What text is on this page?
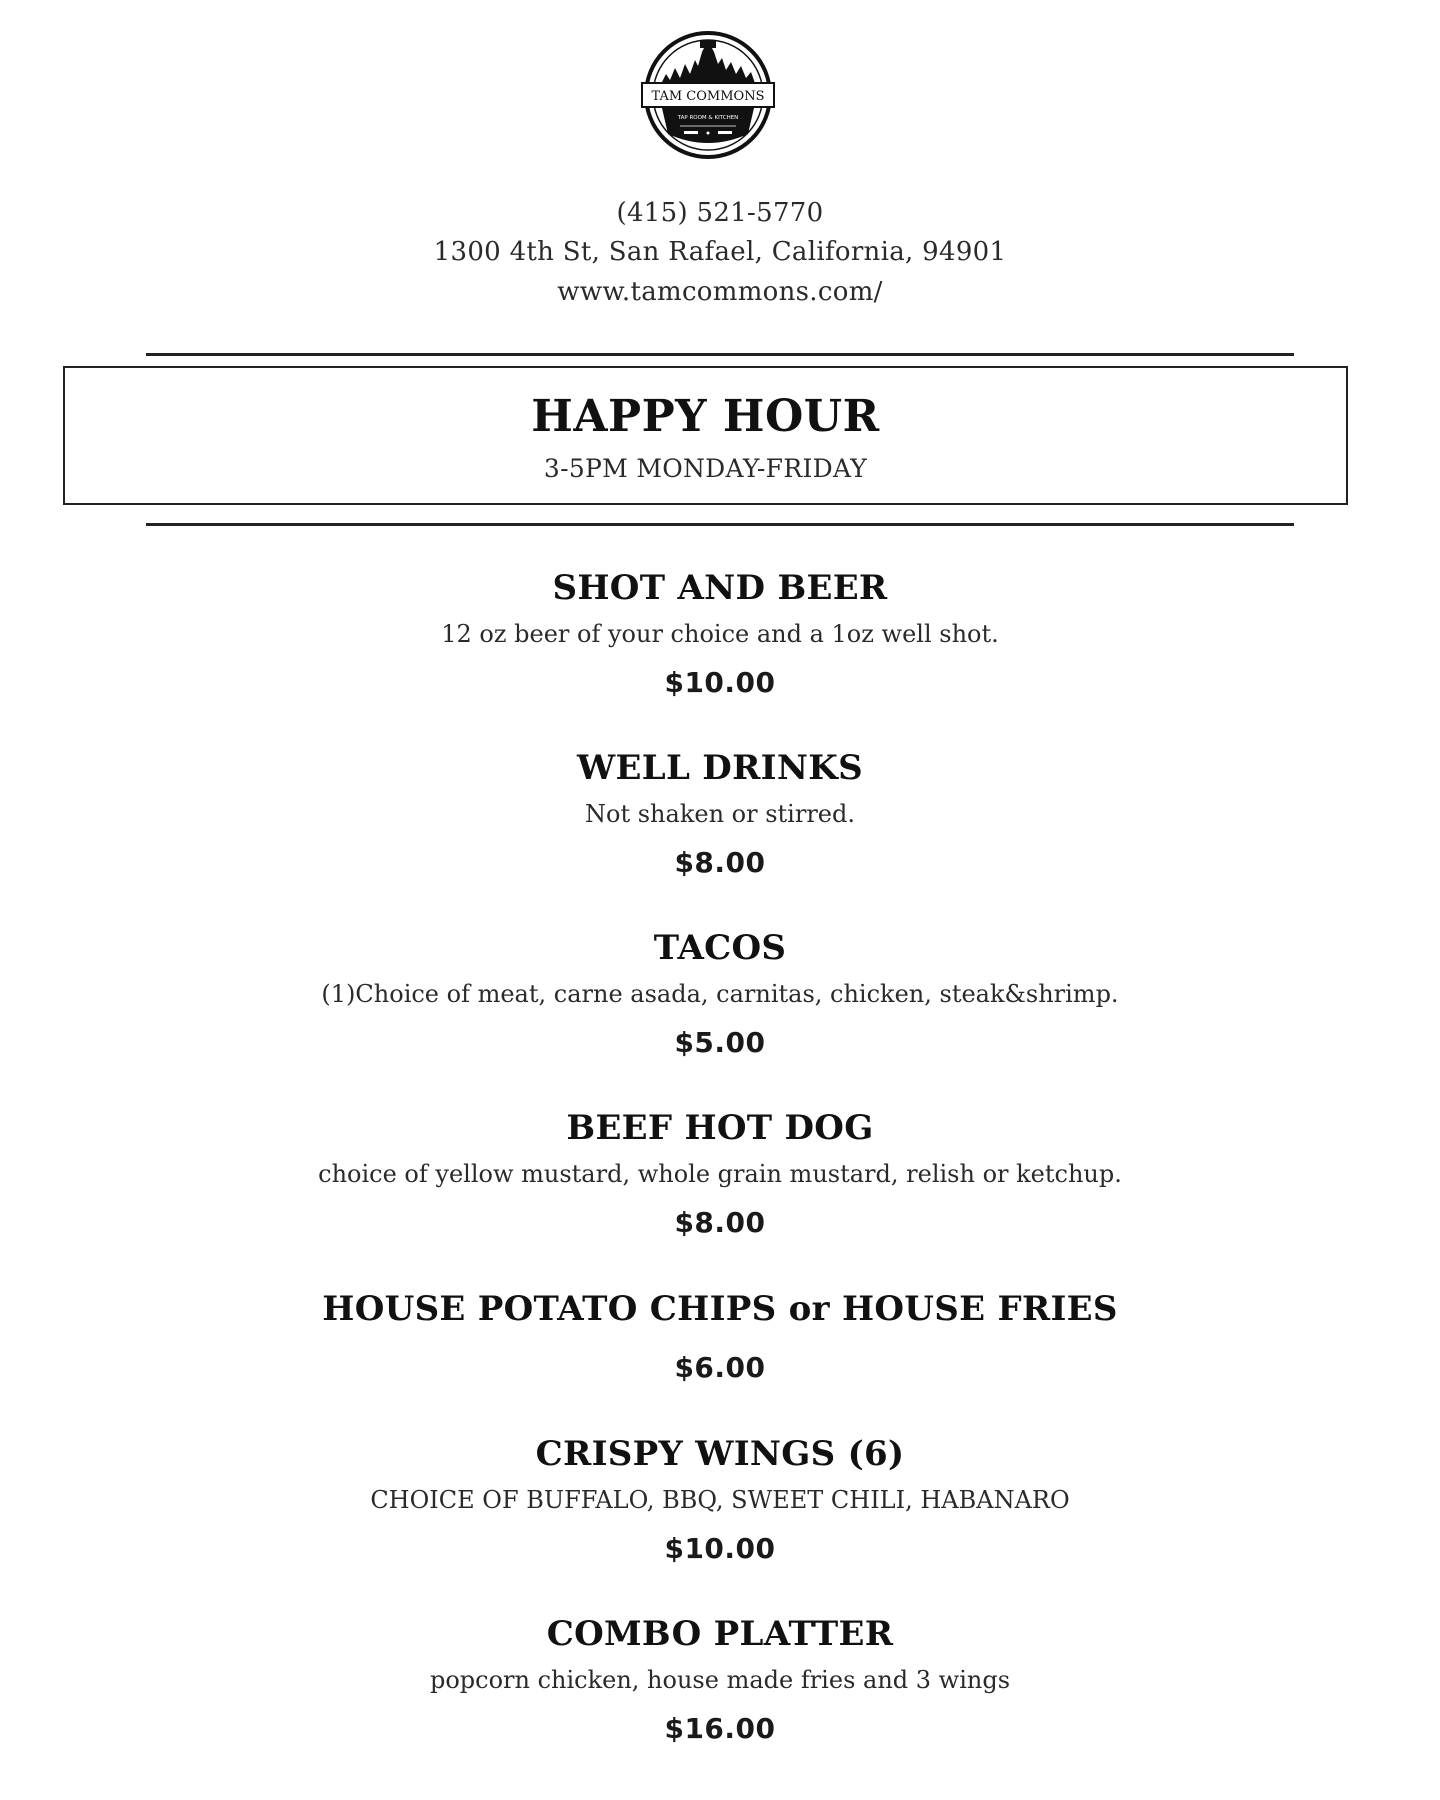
TAM COMMONS
TAP ROOM & KITCHEN
(415) 521-5770
1300 4th St, San Rafael, California, 94901
www.tamcommons.com/
HAPPY HOUR
3-5PM MONDAY-FRIDAY
SHOT AND BEER
12 oz beer of your choice and a 1oz well shot.
$10.00
WELL DRINKS
Not shaken or stirred.
$8.00
TACOS
(1)Choice of meat, carne asada, carnitas, chicken, steak&shrimp.
$5.00
BEEF HOT DOG
choice of yellow mustard, whole grain mustard, relish or ketchup.
$8.00
HOUSE POTATO CHIPS or HOUSE FRIES
$6.00
CRISPY WINGS (6)
CHOICE OF BUFFALO, BBQ, SWEET CHILI, HABANARO
$10.00
COMBO PLATTER
popcorn chicken, house made fries and 3 wings
$16.00
